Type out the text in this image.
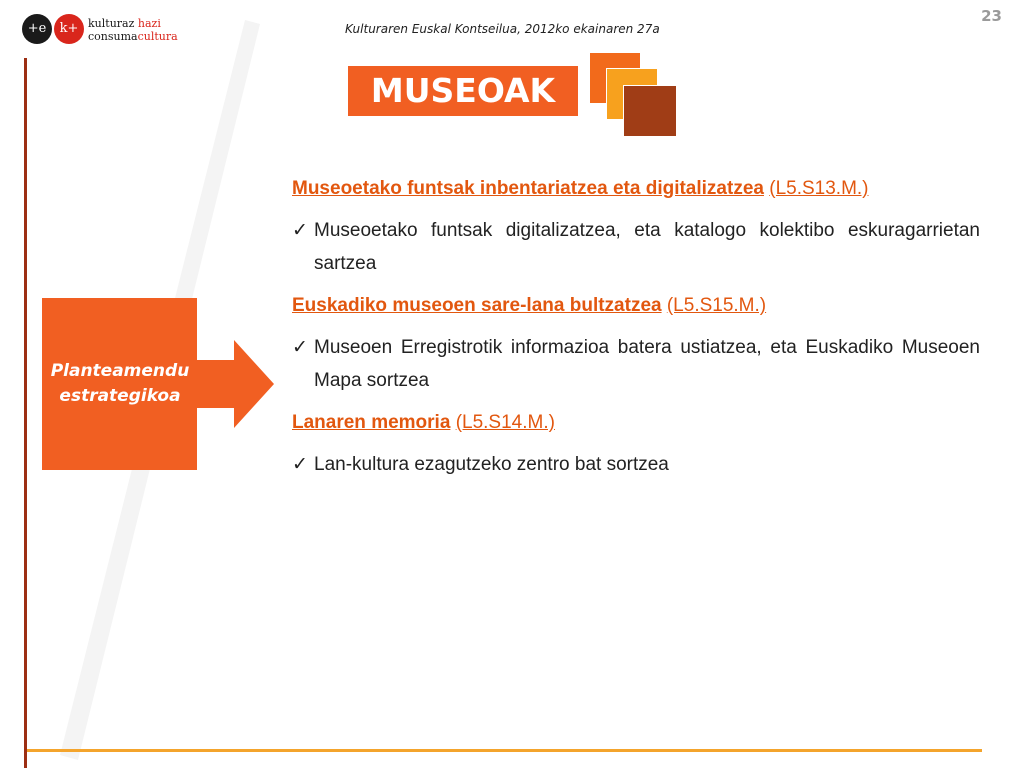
+e	k+ kulturaz hazi
consumacultura
Kulturaren Euskal Kontseilua, 2012ko ekainaren 27a
23
MUSEOAK
Planteamendu
estrategikoa
Museoetako funtsak inbentariatzea eta digitalizatzea (L5.S13.M.)
✓ Museoetako funtsak digitalizatzea, eta katalogo kolektibo eskuragarrietan sartzea
Euskadiko museoen sare-lana bultzatzea (L5.S15.M.)
✓ Museoen Erregistrotik informazioa batera ustiatzea, eta Euskadiko Museoen Mapa sortzea
Lanaren memoria (L5.S14.M.)
✓ Lan-kultura ezagutzeko zentro bat sortzea
